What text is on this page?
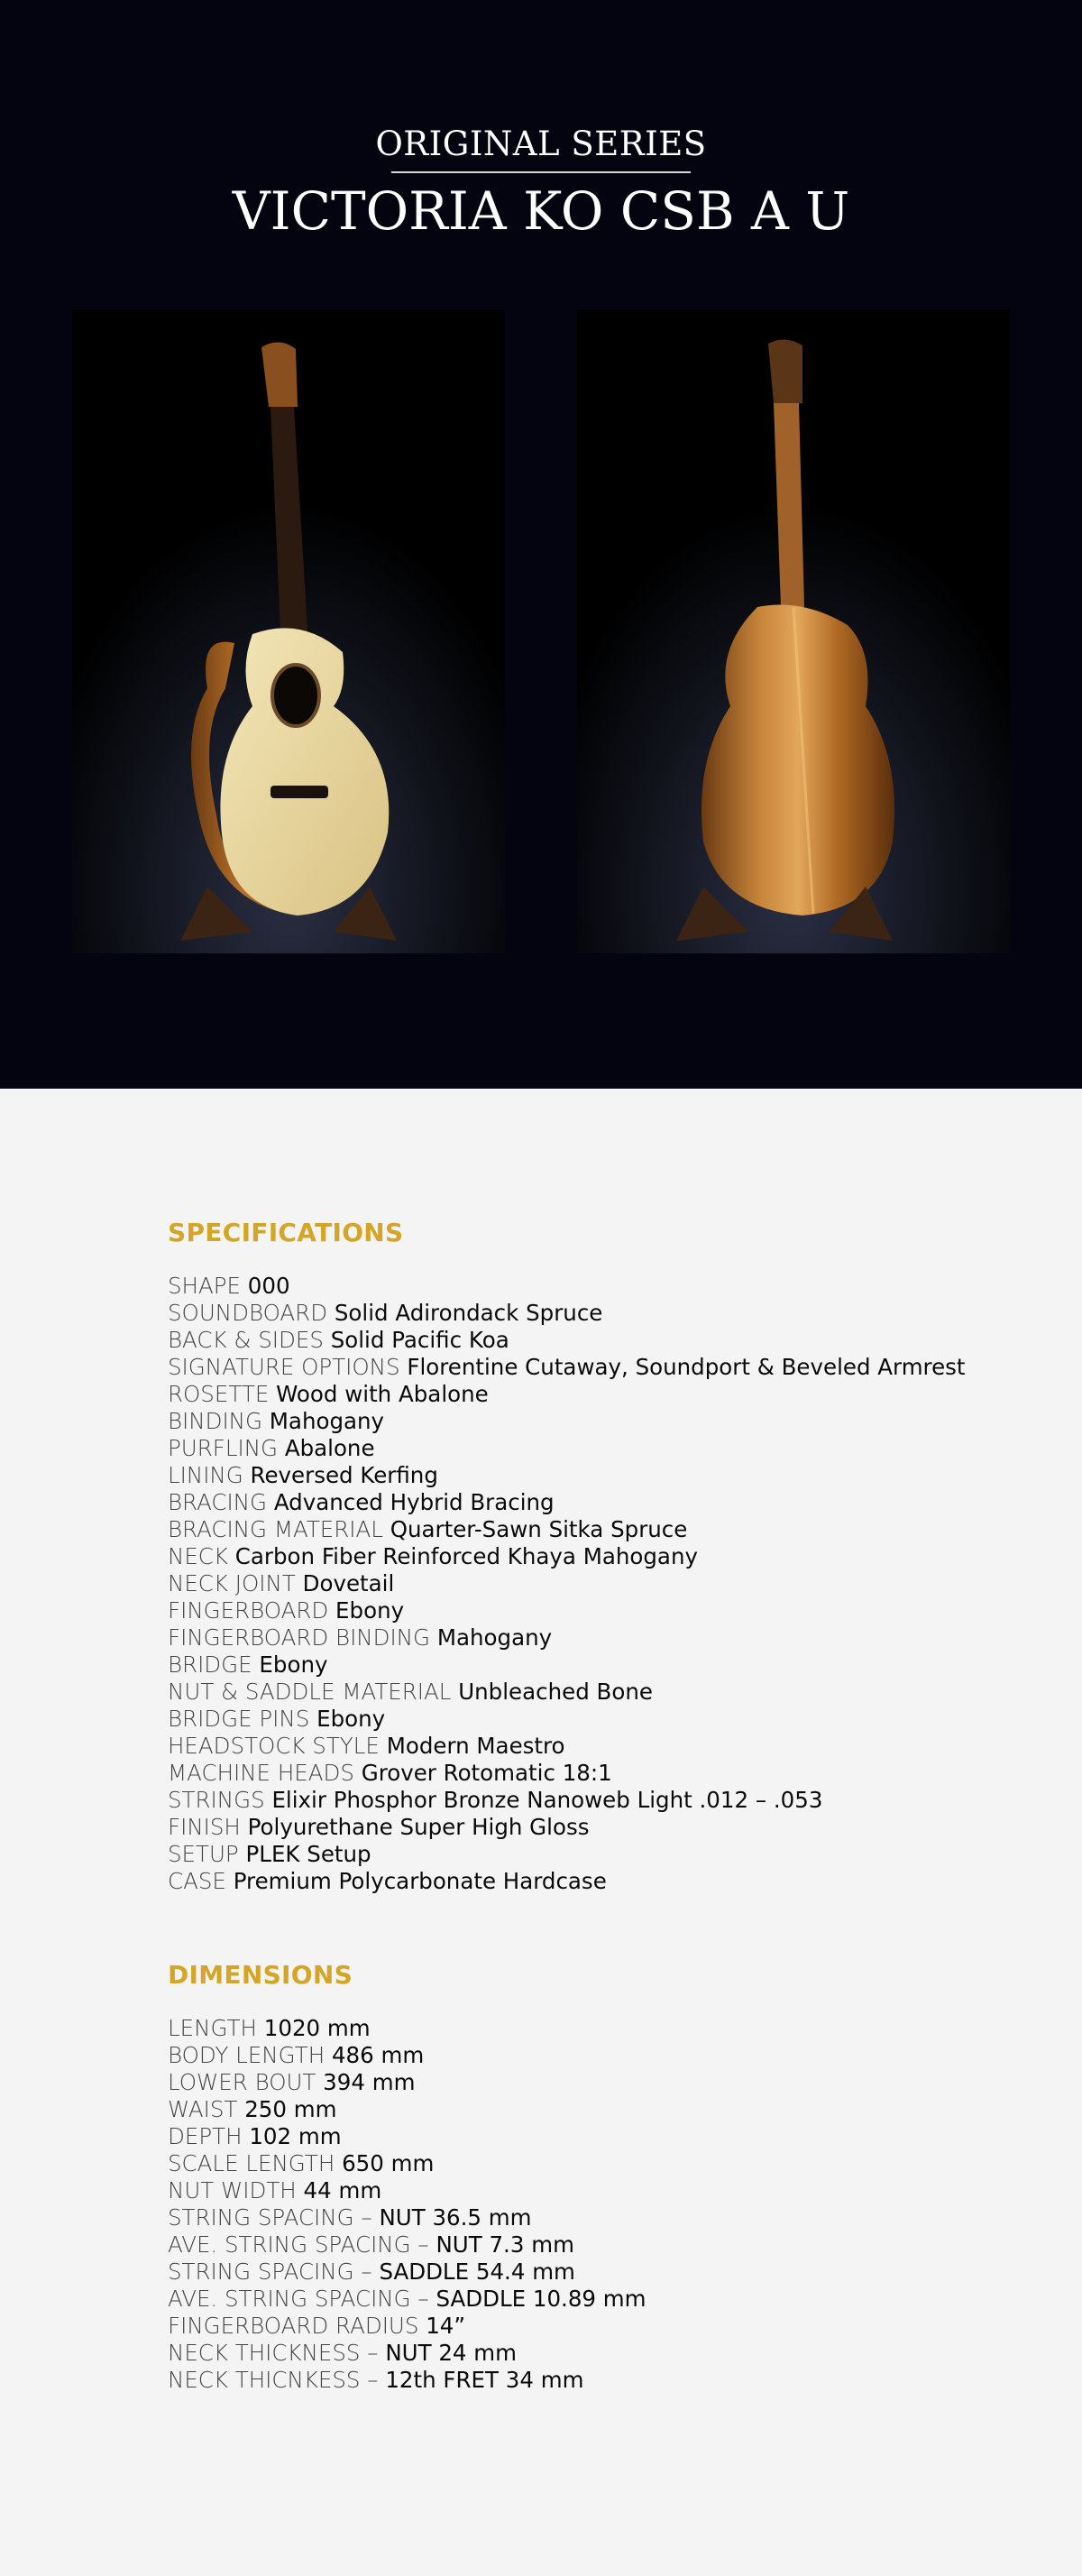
ORIGINAL SERIES
VICTORIA KO CSB A U
SPECIFICATIONS
SHAPE 000
SOUNDBOARD Solid Adirondack Spruce
BACK & SIDES Solid Pacific Koa
SIGNATURE OPTIONS Florentine Cutaway, Soundport & Beveled Armrest
ROSETTE Wood with Abalone
BINDING Mahogany
PURFLING Abalone
LINING Reversed Kerfing
BRACING Advanced Hybrid Bracing
BRACING MATERIAL Quarter-Sawn Sitka Spruce
NECK Carbon Fiber Reinforced Khaya Mahogany
NECK JOINT Dovetail
FINGERBOARD Ebony
FINGERBOARD BINDING Mahogany
BRIDGE Ebony
NUT & SADDLE MATERIAL Unbleached Bone
BRIDGE PINS Ebony
HEADSTOCK STYLE Modern Maestro
MACHINE HEADS Grover Rotomatic 18:1
STRINGS Elixir Phosphor Bronze Nanoweb Light .012 – .053
FINISH Polyurethane Super High Gloss
SETUP PLEK Setup
CASE Premium Polycarbonate Hardcase
DIMENSIONS
LENGTH 1020 mm
BODY LENGTH 486 mm
LOWER BOUT 394 mm
WAIST 250 mm
DEPTH 102 mm
SCALE LENGTH 650 mm
NUT WIDTH 44 mm
STRING SPACING – NUT 36.5 mm
AVE. STRING SPACING – NUT 7.3 mm
STRING SPACING – SADDLE 54.4 mm
AVE. STRING SPACING – SADDLE 10.89 mm
FINGERBOARD RADIUS 14”
NECK THICKNESS – NUT 24 mm
NECK THICNKESS – 12th FRET 34 mm
